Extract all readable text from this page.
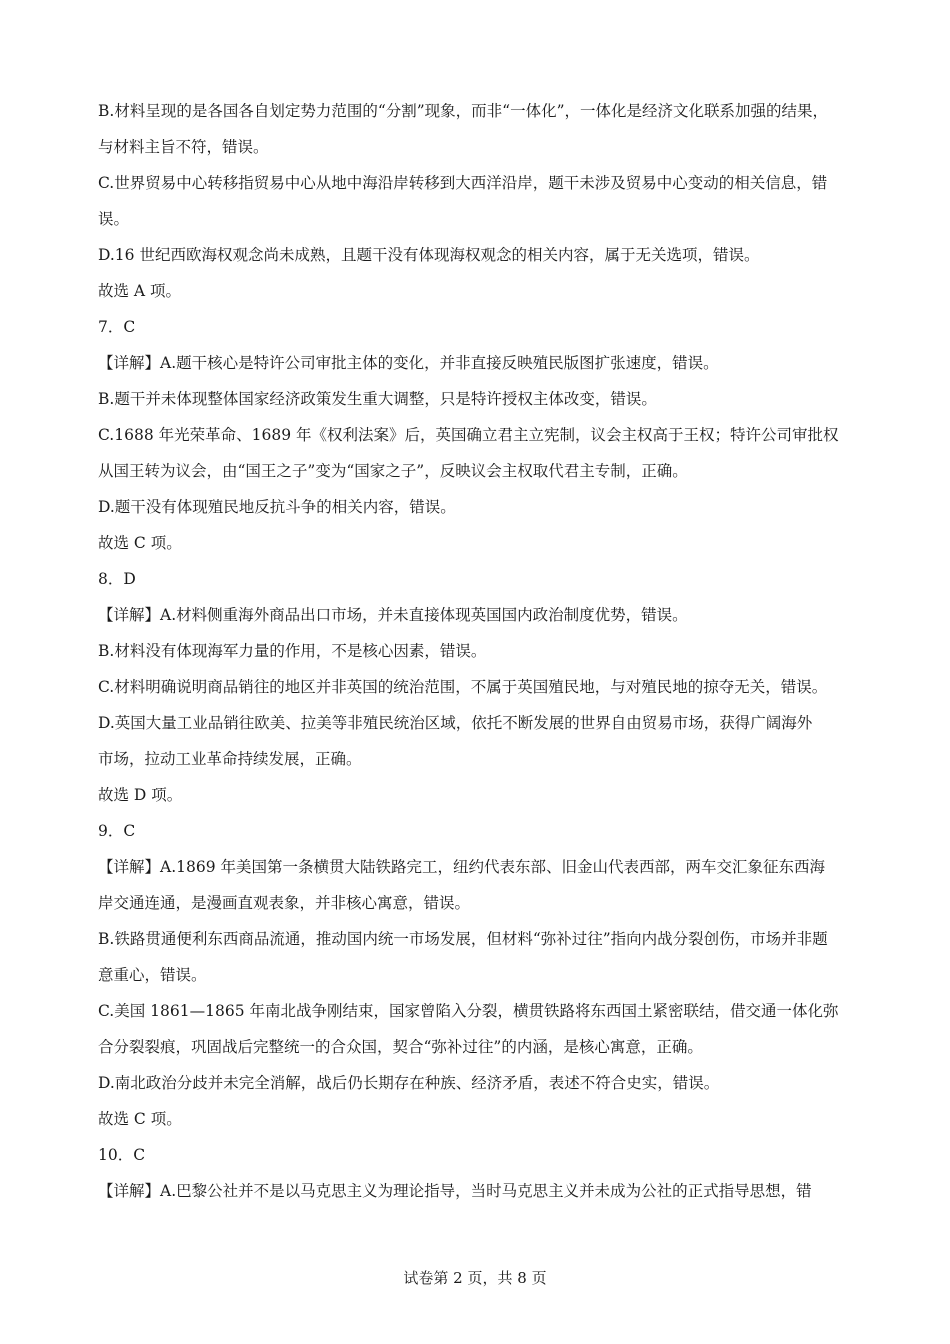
B.材料呈现的是各国各自划定势力范围的“分割”现象，而非“一体化”，一体化是经济文化联系加强的结果，
与材料主旨不符，错误。
C.世界贸易中心转移指贸易中心从地中海沿岸转移到大西洋沿岸，题干未涉及贸易中心变动的相关信息，错
误。
D.16 世纪西欧海权观念尚未成熟，且题干没有体现海权观念的相关内容，属于无关选项，错误。
故选 A 项。
7．C
【详解】A.题干核心是特许公司审批主体的变化，并非直接反映殖民版图扩张速度，错误。
B.题干并未体现整体国家经济政策发生重大调整，只是特许授权主体改变，错误。
C.1688 年光荣革命、1689 年《权利法案》后，英国确立君主立宪制，议会主权高于王权；特许公司审批权
从国王转为议会，由“国王之子”变为“国家之子”，反映议会主权取代君主专制，正确。
D.题干没有体现殖民地反抗斗争的相关内容，错误。
故选 C 项。
8．D
【详解】A.材料侧重海外商品出口市场，并未直接体现英国国内政治制度优势，错误。
B.材料没有体现海军力量的作用，不是核心因素，错误。
C.材料明确说明商品销往的地区并非英国的统治范围，不属于英国殖民地，与对殖民地的掠夺无关，错误。
D.英国大量工业品销往欧美、拉美等非殖民统治区域，依托不断发展的世界自由贸易市场，获得广阔海外
市场，拉动工业革命持续发展，正确。
故选 D 项。
9．C
【详解】A.1869 年美国第一条横贯大陆铁路完工，纽约代表东部、旧金山代表西部，两车交汇象征东西海
岸交通连通，是漫画直观表象，并非核心寓意，错误。
B.铁路贯通便利东西商品流通，推动国内统一市场发展，但材料“弥补过往”指向内战分裂创伤，市场并非题
意重心，错误。
C.美国 1861—1865 年南北战争刚结束，国家曾陷入分裂，横贯铁路将东西国土紧密联结，借交通一体化弥
合分裂裂痕，巩固战后完整统一的合众国，契合“弥补过往”的内涵，是核心寓意，正确。
D.南北政治分歧并未完全消解，战后仍长期存在种族、经济矛盾，表述不符合史实，错误。
故选 C 项。
10．C
【详解】A.巴黎公社并不是以马克思主义为理论指导，当时马克思主义并未成为公社的正式指导思想，错
试卷第 2 页，共 8 页
